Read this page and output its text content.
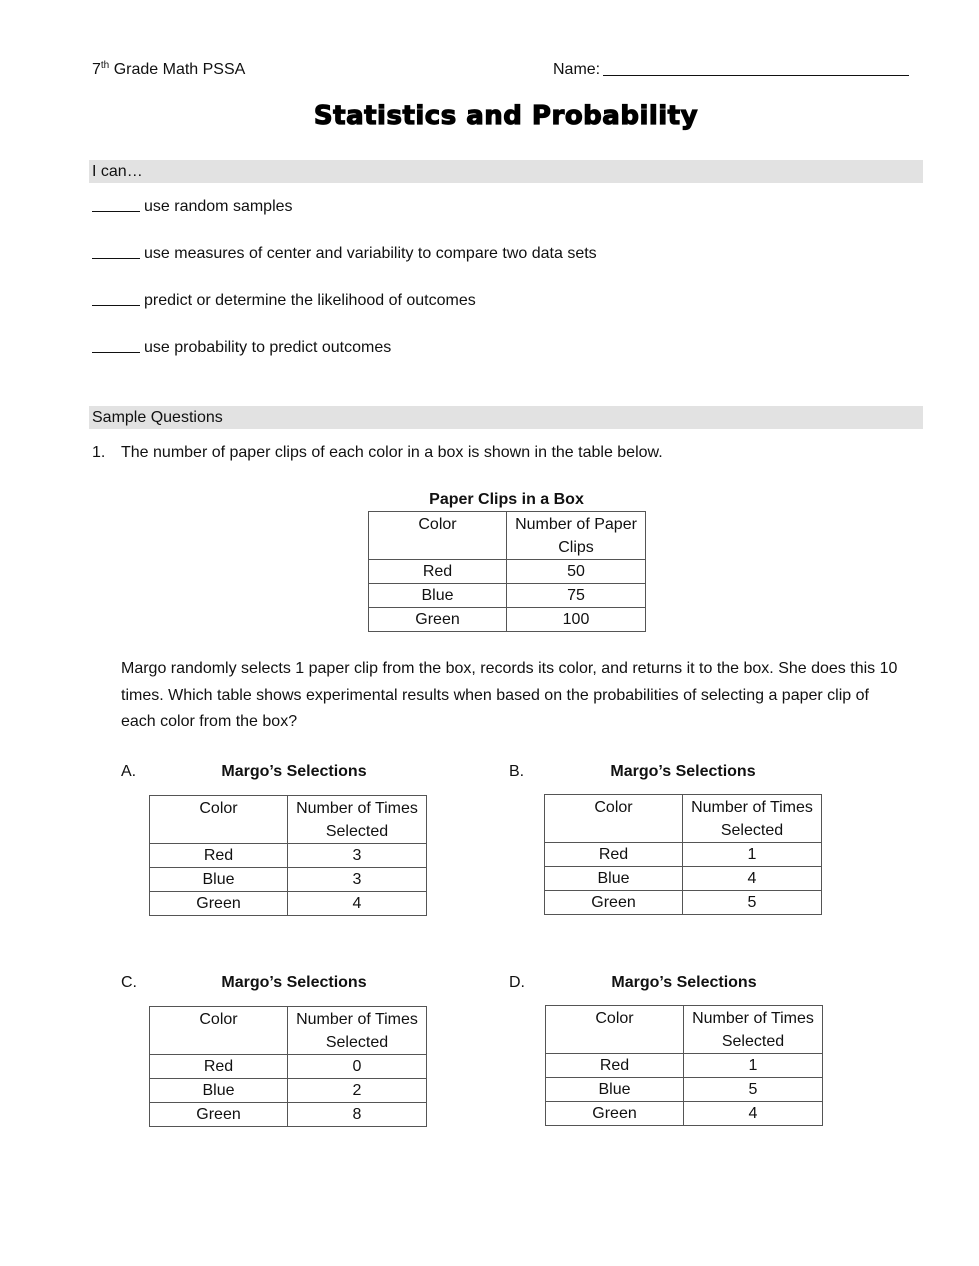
7th Grade Math PSSA	Name:
Statistics and Probability
I can…
use random samples
use measures of center and variability to compare two data sets
predict or determine the likelihood of outcomes
use probability to predict outcomes
Sample Questions
1. The number of paper clips of each color in a box is shown in the table below.
Paper Clips in a Box
Color	Number of Paper Clips
Red	50
Blue	75
Green	100
Margo randomly selects 1 paper clip from the box, records its color, and returns it to the box. She does this 10 times. Which table shows experimental results when based on the probabilities of selecting a paper clip of each color from the box?
A.	Margo’s Selections
Color	Number of Times Selected
Red	3
Blue	3
Green	4
B.	Margo’s Selections
Color	Number of Times Selected
Red	1
Blue	4
Green	5
C.	Margo’s Selections
Color	Number of Times Selected
Red	0
Blue	2
Green	8
D.	Margo’s Selections
Color	Number of Times Selected
Red	1
Blue	5
Green	4
